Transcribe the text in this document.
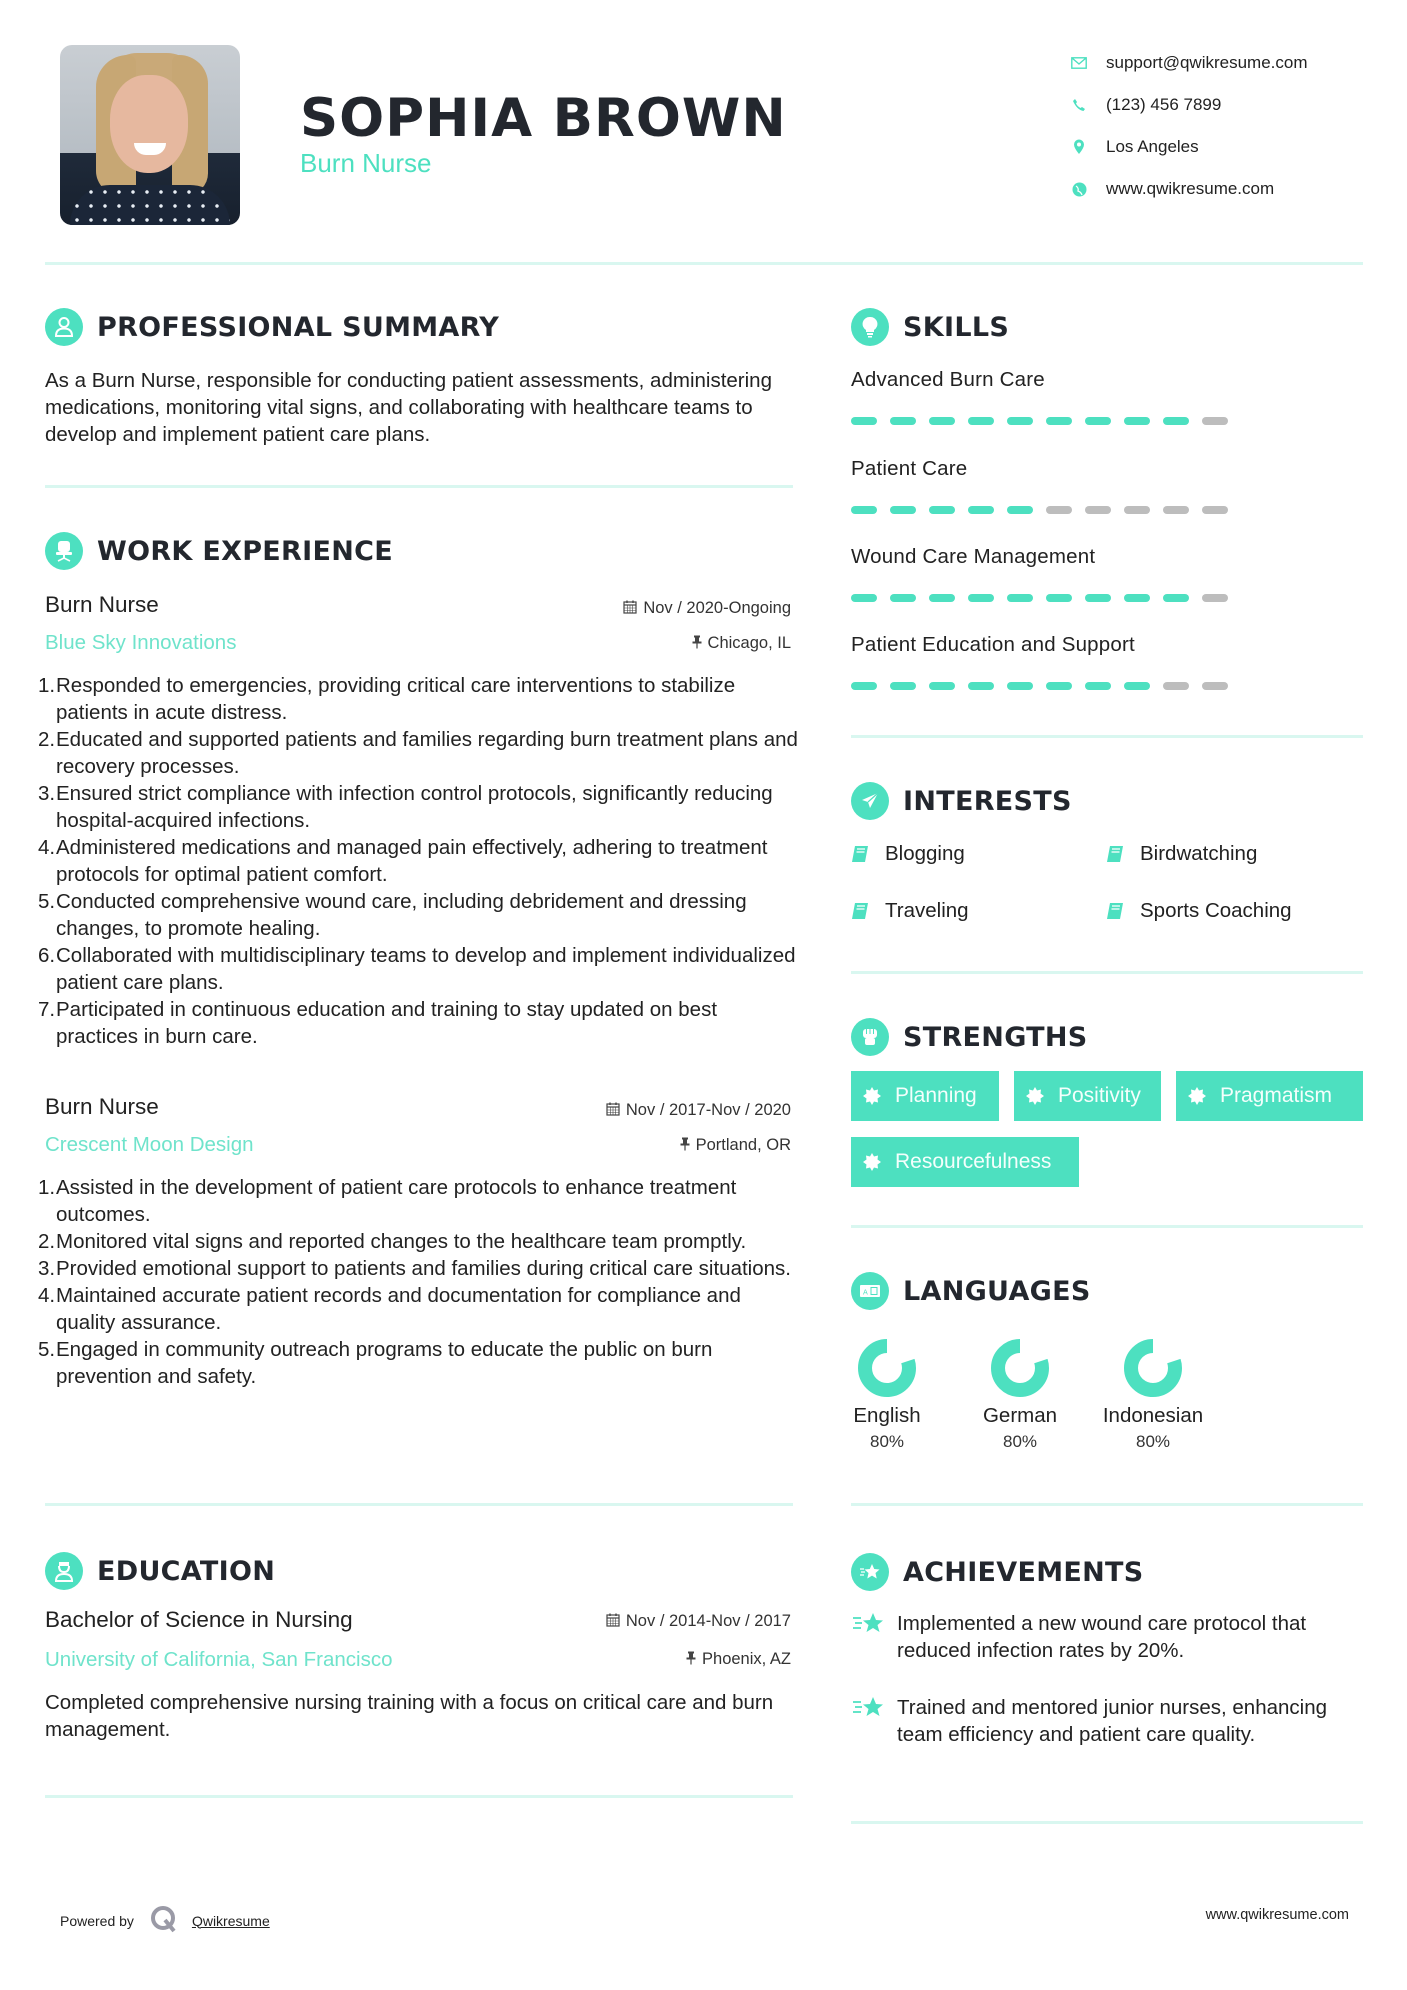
SOPHIA BROWN
Burn Nurse
support@qwikresume.com
(123) 456 7899
Los Angeles
www.qwikresume.com
PROFESSIONAL SUMMARY
As a Burn Nurse, responsible for conducting patient assessments, administering medications, monitoring vital signs, and collaborating with healthcare teams to develop and implement patient care plans.
WORK EXPERIENCE
Burn Nurse	Nov / 2020-Ongoing
Blue Sky Innovations	Chicago, IL
1. Responded to emergencies, providing critical care interventions to stabilize patients in acute distress.
2. Educated and supported patients and families regarding burn treatment plans and recovery processes.
3. Ensured strict compliance with infection control protocols, significantly reducing hospital-acquired infections.
4. Administered medications and managed pain effectively, adhering to treatment protocols for optimal patient comfort.
5. Conducted comprehensive wound care, including debridement and dressing changes, to promote healing.
6. Collaborated with multidisciplinary teams to develop and implement individualized patient care plans.
7. Participated in continuous education and training to stay updated on best practices in burn care.
Burn Nurse	Nov / 2017-Nov / 2020
Crescent Moon Design	Portland, OR
1. Assisted in the development of patient care protocols to enhance treatment outcomes.
2. Monitored vital signs and reported changes to the healthcare team promptly.
3. Provided emotional support to patients and families during critical care situations.
4. Maintained accurate patient records and documentation for compliance and quality assurance.
5. Engaged in community outreach programs to educate the public on burn prevention and safety.
EDUCATION
Bachelor of Science in Nursing	Nov / 2014-Nov / 2017
University of California, San Francisco	Phoenix, AZ
Completed comprehensive nursing training with a focus on critical care and burn management.
SKILLS
Advanced Burn Care
Patient Care
Wound Care Management
Patient Education and Support
INTERESTS
Blogging	Birdwatching
Traveling	Sports Coaching
STRENGTHS
Planning	Positivity	Pragmatism
Resourcefulness
A LANGUAGES
English
80%
German
80%
Indonesian
80%
ACHIEVEMENTS
Implemented a new wound care protocol that reduced infection rates by 20%.
Trained and mentored junior nurses, enhancing team efficiency and patient care quality.
Powered by	Qwikresume	www.qwikresume.com
